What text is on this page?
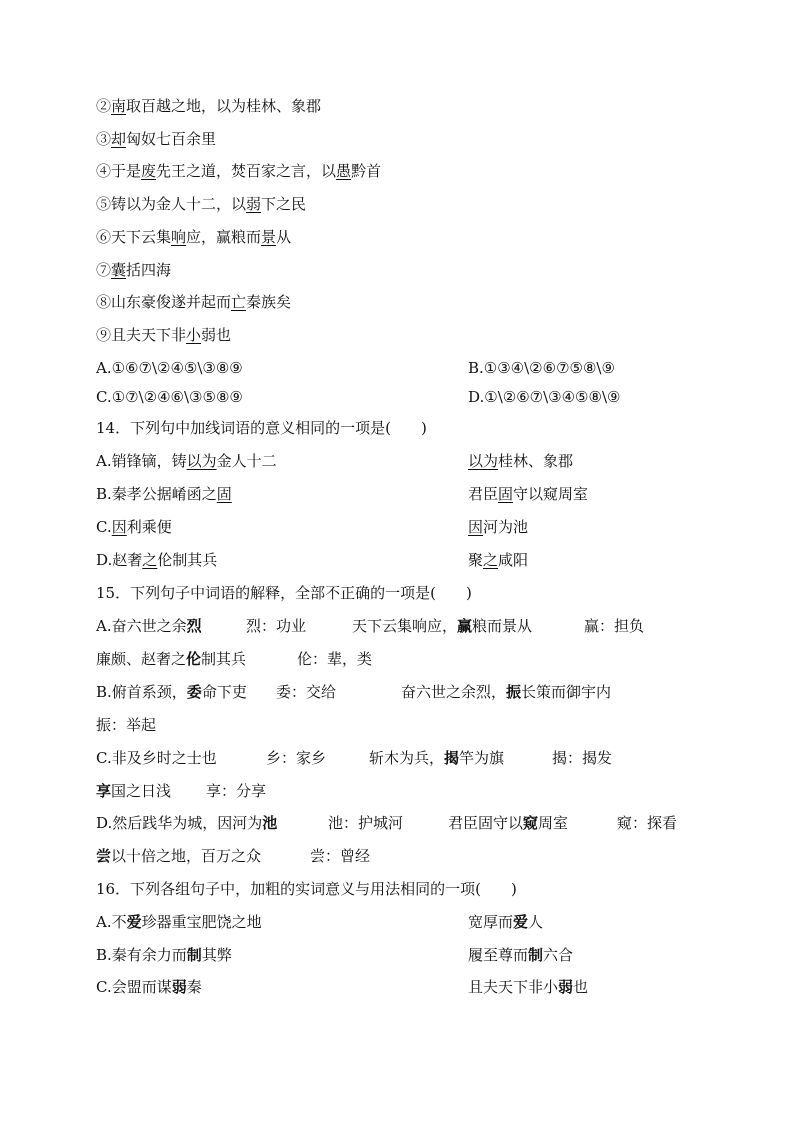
②南取百越之地，以为桂林、象郡
③却匈奴七百余里
④于是废先王之道，焚百家之言，以愚黔首
⑤铸以为金人十二，以弱下之民
⑥天下云集响应，赢粮而景从
⑦囊括四海
⑧山东豪俊遂并起而亡秦族矣
⑨且夫天下非小弱也
A.①⑥⑦\②④⑤\③⑧⑨	B.①③④\②⑥⑦⑤⑧\⑨
C.①⑦\②④⑥\③⑤⑧⑨	D.①\②⑥⑦\③④⑤⑧\⑨
14．下列句中加线词语的意义相同的一项是(　　)
A.销锋镝，铸以为金人十二	以为桂林、象郡
B.秦孝公据崤函之固	君臣固守以窥周室
C.因利乘便	因河为池
D.赵奢之伦制其兵	聚之咸阳
15．下列句子中词语的解释，全部不正确的一项是(　　)
A.奋六世之余烈	烈：功业	天下云集响应，赢粮而景从	赢：担负
廉颇、赵奢之伦制其兵	伦：辈，类
B.俯首系颈，委命下吏 委：交给	奋六世之余烈，振长策而御宇内
振：举起
C.非及乡时之士也	乡：家乡	斩木为兵，揭竿为旗	揭：揭发
享国之日浅 享：分享
D.然后践华为城，因河为池	池：护城河	君臣固守以窥周室	窥：探看
尝以十倍之地，百万之众	尝：曾经
16．下列各组句子中，加粗的实词意义与用法相同的一项(　　)
A.不爱珍器重宝肥饶之地	宽厚而爱人
B.秦有余力而制其弊	履至尊而制六合
C.会盟而谋弱秦	且夫天下非小弱也
